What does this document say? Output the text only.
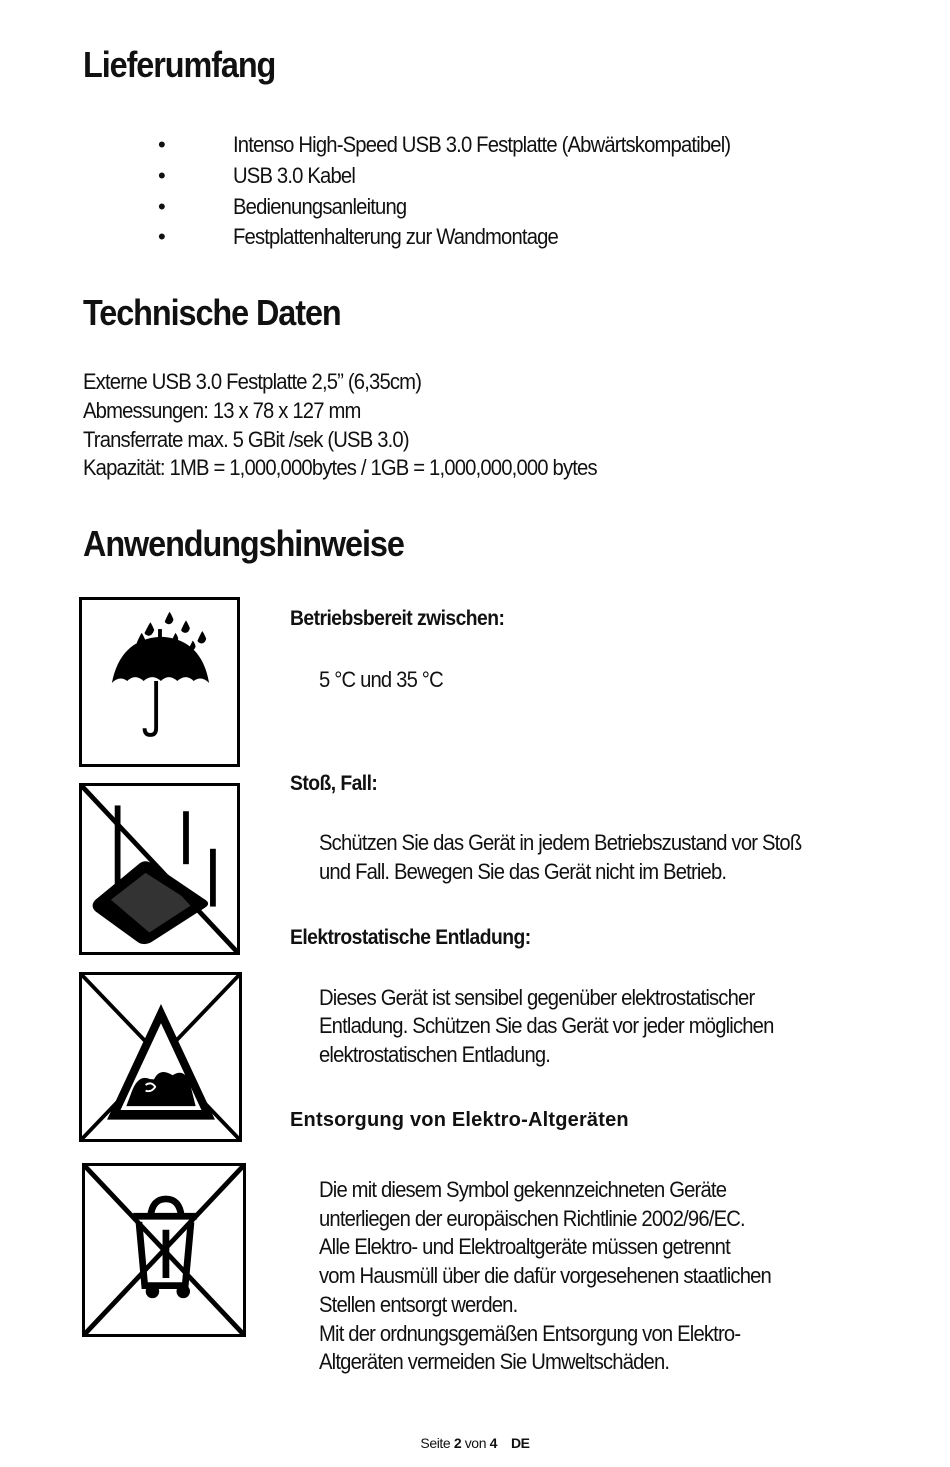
Lieferumfang
•	Intenso High-Speed USB 3.0 Festplatte (Abwärtskompatibel)
•	USB 3.0 Kabel
•	Bedienungsanleitung
•	Festplattenhalterung zur Wandmontage
Technische Daten
Externe USB 3.0 Festplatte 2,5” (6,35cm)
Abmessungen: 13 x 78 x 127 mm
Transferrate max. 5 GBit /sek (USB 3.0)
Kapazität: 1MB = 1,000,000bytes / 1GB = 1,000,000,000 bytes
Anwendungshinweise
Betriebsbereit zwischen:
5 °C und 35 °C
Stoß, Fall:
Schützen Sie das Gerät in jedem Betriebszustand vor Stoß
und Fall. Bewegen Sie das Gerät nicht im Betrieb.
Elektrostatische Entladung:
Dieses Gerät ist sensibel gegenüber elektrostatischer
Entladung. Schützen Sie das Gerät vor jeder möglichen
elektrostatischen Entladung.
Entsorgung von Elektro-Altgeräten
Die mit diesem Symbol gekennzeichneten Geräte
unterliegen der europäischen Richtlinie 2002/96/EC.
Alle Elektro- und Elektroaltgeräte müssen getrennt
vom Hausmüll über die dafür vorgesehenen staatlichen
Stellen entsorgt werden.
Mit der ordnungsgemäßen Entsorgung von Elektro-
Altgeräten vermeiden Sie Umweltschäden.
Seite 2 von 4 DE
